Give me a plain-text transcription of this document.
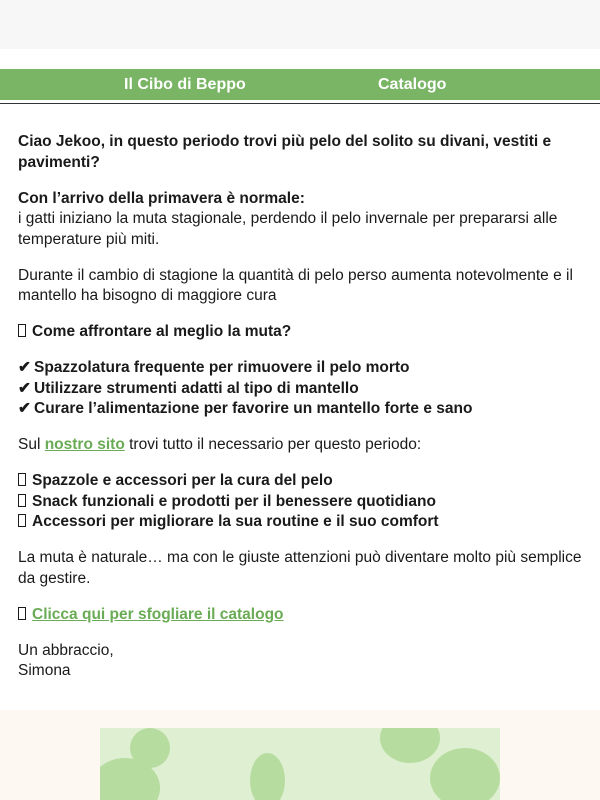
Il Cibo di Beppo	Catalogo

Ciao Jekoo, in questo periodo trovi più pelo del solito su divani, vestiti e pavimenti?

Con l’arrivo della primavera è normale:
i gatti iniziano la muta stagionale, perdendo il pelo invernale per prepararsi alle temperature più miti.

Durante il cambio di stagione la quantità di pelo perso aumenta notevolmente e il mantello ha bisogno di maggiore cura

Come affrontare al meglio la muta?

✔ Spazzolatura frequente per rimuovere il pelo morto
✔ Utilizzare strumenti adatti al tipo di mantello
✔ Curare l’alimentazione per favorire un mantello forte e sano

Sul nostro sito trovi tutto il necessario per questo periodo:

Spazzole e accessori per la cura del pelo
Snack funzionali e prodotti per il benessere quotidiano
Accessori per migliorare la sua routine e il suo comfort

La muta è naturale… ma con le giuste attenzioni può diventare molto più semplice da gestire.

Clicca qui per sfogliare il catalogo

Un abbraccio,
Simona
